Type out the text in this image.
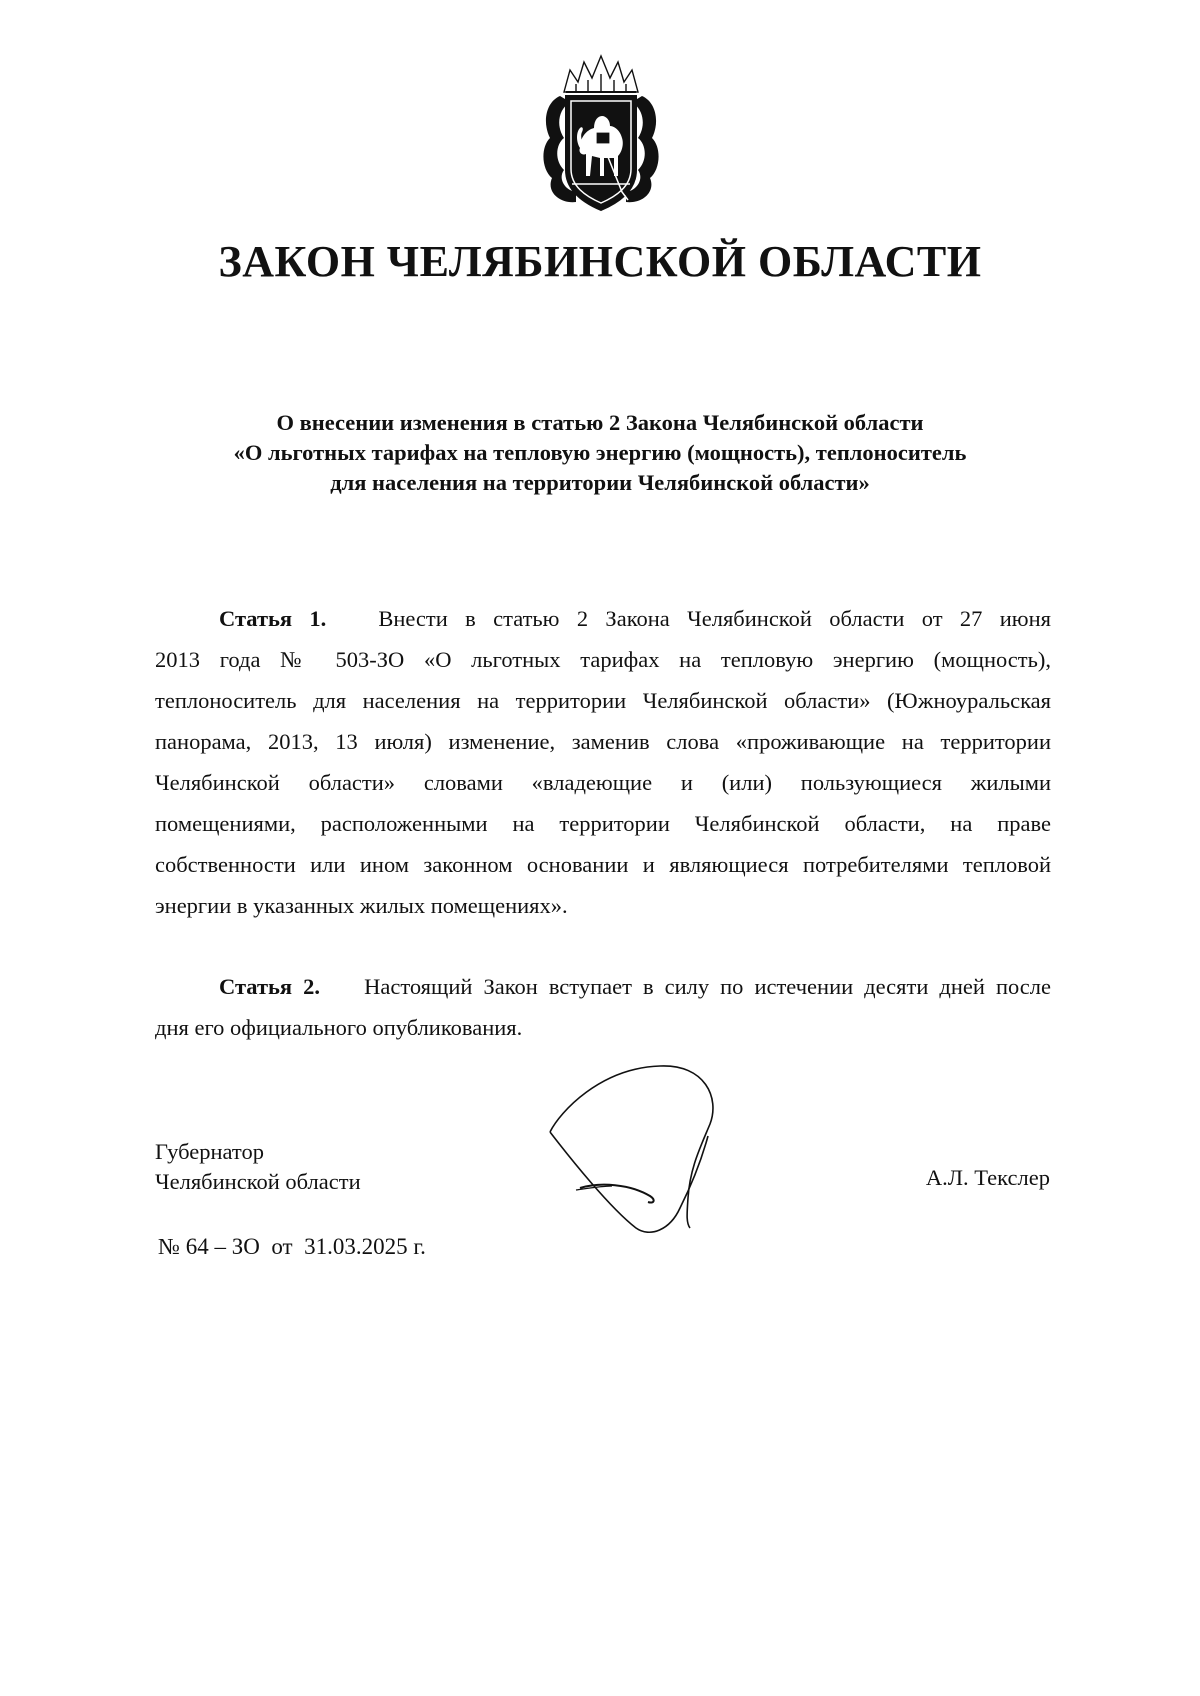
ЗАКОН ЧЕЛЯБИНСКОЙ ОБЛАСТИ
О внесении изменения в статью 2 Закона Челябинской области
«О льготных тарифах на тепловую энергию (мощность), теплоноситель
для населения на территории Челябинской области»
Статья 1. Внести в статью 2 Закона Челябинской области от 27 июня
2013 года № 503-ЗО «О льготных тарифах на тепловую энергию (мощность),
теплоноситель для населения на территории Челябинской области» (Южноуральская
панорама, 2013, 13 июля) изменение, заменив слова «проживающие на территории
Челябинской области» словами «владеющие и (или) пользующиеся жилыми
помещениями, расположенными на территории Челябинской области, на праве
собственности или ином законном основании и являющиеся потребителями тепловой
энергии в указанных жилых помещениях».
Статья 2. Настоящий Закон вступает в силу по истечении десяти дней после
дня его официального опубликования.
Губернатор
Челябинской области	А.Л. Текслер
№ 64 – ЗО  от  31.03.2025 г.
